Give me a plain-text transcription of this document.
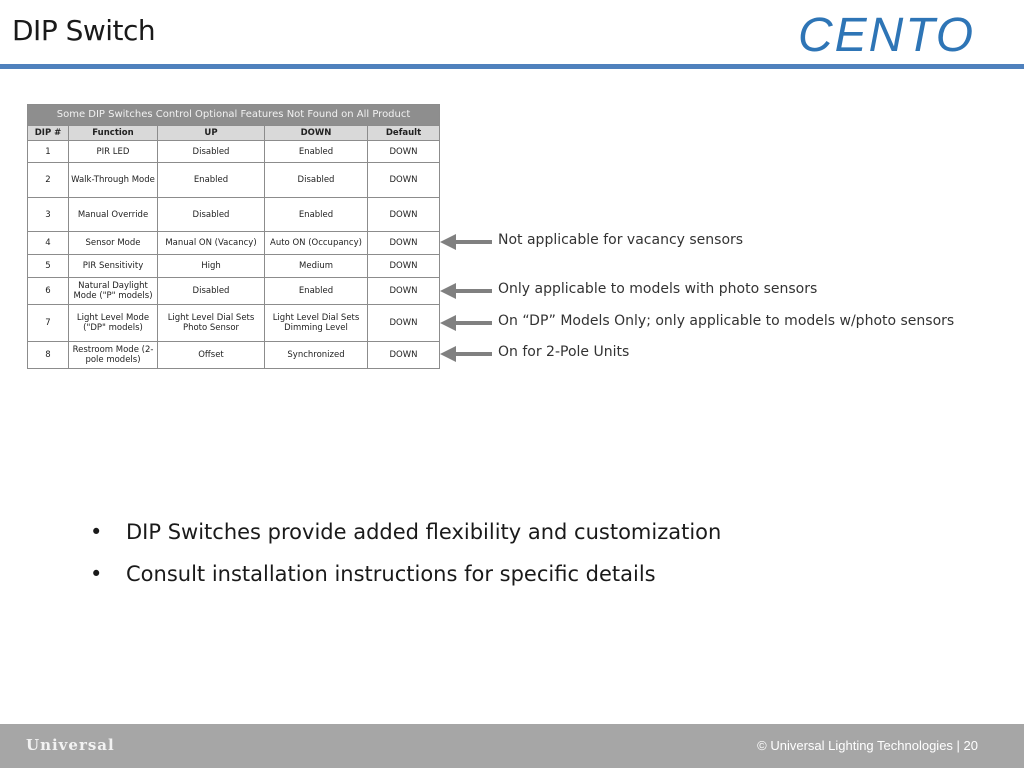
DIP Switch	CENTO
Some DIP Switches Control Optional Features Not Found on All Product				
DIP #	Function	UP	DOWN	Default
1	PIR LED	Disabled	Enabled	DOWN
2	Walk-Through Mode	Enabled	Disabled	DOWN
3	Manual Override	Disabled	Enabled	DOWN
4	Sensor Mode	Manual ON (Vacancy)	Auto ON (Occupancy)	DOWN
5	PIR Sensitivity	High	Medium	DOWN
6	Natural Daylight Mode ("P" models)	Disabled	Enabled	DOWN
7	Light Level Mode ("DP" models)	Light Level Dial Sets Photo Sensor	Light Level Dial Sets Dimming Level	DOWN
8	Restroom Mode (2-pole models)	Offset	Synchronized	DOWN
Not applicable for vacancy sensors
Only applicable to models with photo sensors
On “DP” Models Only; only applicable to models w/photo sensors
On for 2-Pole Units
• DIP Switches provide added flexibility and customization
• Consult installation instructions for specific details
Universal	© Universal Lighting Technologies | 20
